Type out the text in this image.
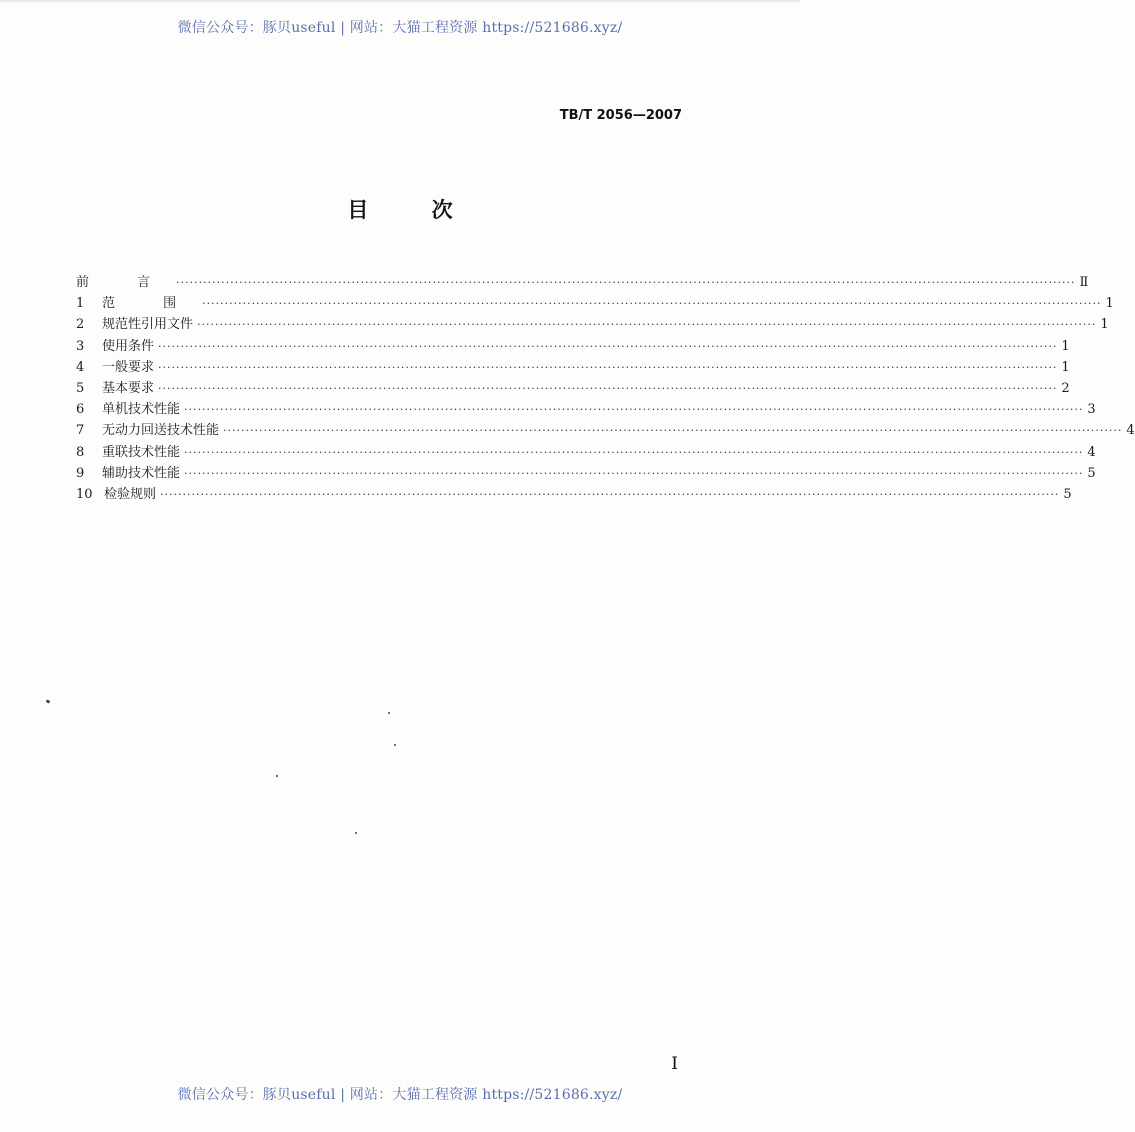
微信公众号：豚贝useful | 网站：大猫工程资源 https://521686.xyz/
TB/T 2056—2007
目 次
前 言 ········································································································································································································ Ⅱ
1	范 围 ········································································································································································································ 1
2	规范性引用文件 ········································································································································································································ 1
3	使用条件 ········································································································································································································ 1
4	一般要求 ········································································································································································································ 1
5	基本要求 ········································································································································································································ 2
6	单机技术性能 ········································································································································································································ 3
7	无动力回送技术性能 ········································································································································································································ 4
8	重联技术性能 ········································································································································································································ 4
9	辅助技术性能 ········································································································································································································ 5
10 检验规则 ········································································································································································································ 5
I
微信公众号：豚贝useful | 网站：大猫工程资源 https://521686.xyz/
